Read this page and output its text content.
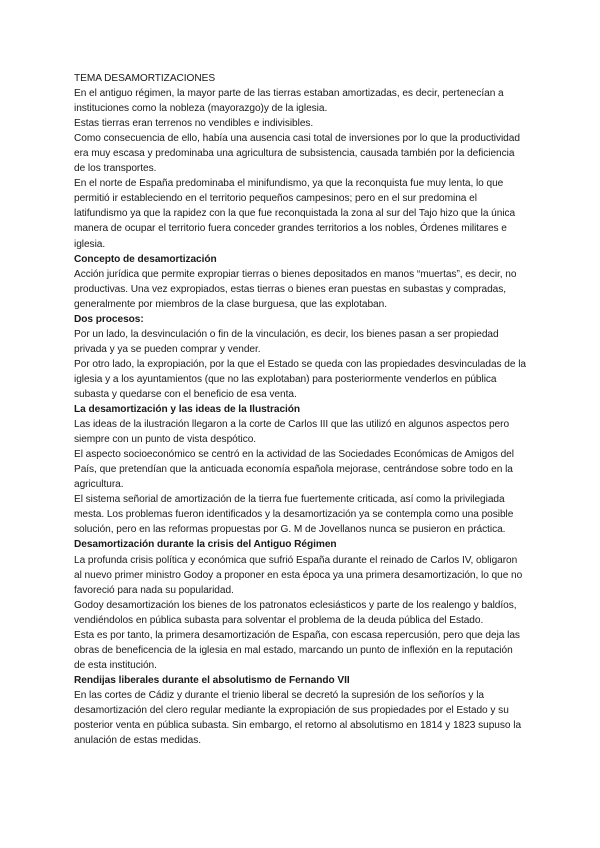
TEMA DESAMORTIZACIONES

En el antiguo régimen, la mayor parte de las tierras estaban amortizadas, es decir, pertenecían a instituciones como la nobleza (mayorazgo)y de la iglesia.

Estas tierras eran terrenos no vendibles e indivisibles.

Como consecuencia de ello, había una ausencia casi total de inversiones por lo que la productividad era muy escasa y predominaba una agricultura de subsistencia, causada también por la deficiencia de los transportes.

En el norte de España predominaba el minifundismo, ya que la reconquista fue muy lenta, lo que permitió ir estableciendo en el territorio pequeños campesinos; pero en el sur predomina el latifundismo ya que la rapidez con la que fue reconquistada la zona al sur del Tajo hizo que la única manera de ocupar el territorio fuera conceder grandes territorios a los nobles, Órdenes militares e iglesia.

Concepto de desamortización

Acción jurídica que permite expropiar tierras o bienes depositados en manos “muertas”, es decir, no productivas. Una vez expropiados, estas tierras o bienes eran puestas en subastas y compradas, generalmente por miembros de la clase burguesa, que las explotaban.

Dos procesos:

Por un lado, la desvinculación o fin de la vinculación, es decir, los bienes pasan a ser propiedad privada y ya se pueden comprar y vender.

Por otro lado, la expropiación, por la que el Estado se queda con las propiedades desvinculadas de la iglesia y a los ayuntamientos (que no las explotaban) para posteriormente venderlos en pública subasta y quedarse con el beneficio de esa venta.

La desamortización y las ideas de la Ilustración

Las ideas de la ilustración llegaron a la corte de Carlos III que las utilizó en algunos aspectos pero siempre con un punto de vista despótico.

El aspecto socioeconómico se centró en la actividad de las Sociedades Económicas de Amigos del País, que pretendían que la anticuada economía española mejorase, centrándose sobre todo en la agricultura.

El sistema señorial de amortización de la tierra fue fuertemente criticada, así como la privilegiada mesta. Los problemas fueron identificados y la desamortización ya se contempla como una posible solución, pero en las reformas propuestas por G. M de Jovellanos nunca se pusieron en práctica.

Desamortización durante la crisis del Antiguo Régimen

La profunda crisis política y económica que sufrió España durante el reinado de Carlos IV, obligaron al nuevo primer ministro Godoy a proponer en esta época ya una primera desamortización, lo que no favoreció para nada su popularidad.

Godoy desamortización los bienes de los patronatos eclesiásticos y parte de los realengo y baldíos, vendiéndolos en pública subasta para solventar el problema de la deuda pública del Estado.

Esta es por tanto, la primera desamortización de España, con escasa repercusión, pero que deja las obras de beneficencia de la iglesia en mal estado, marcando un punto de inflexión en la reputación de esta institución.

Rendijas liberales durante el absolutismo de Fernando VII

En las cortes de Cádiz y durante el trienio liberal se decretó la supresión de los señoríos y la desamortización del clero regular mediante la expropiación de sus propiedades por el Estado y su posterior venta en pública subasta. Sin embargo, el retorno al absolutismo en 1814 y 1823 supuso la anulación de estas medidas.
